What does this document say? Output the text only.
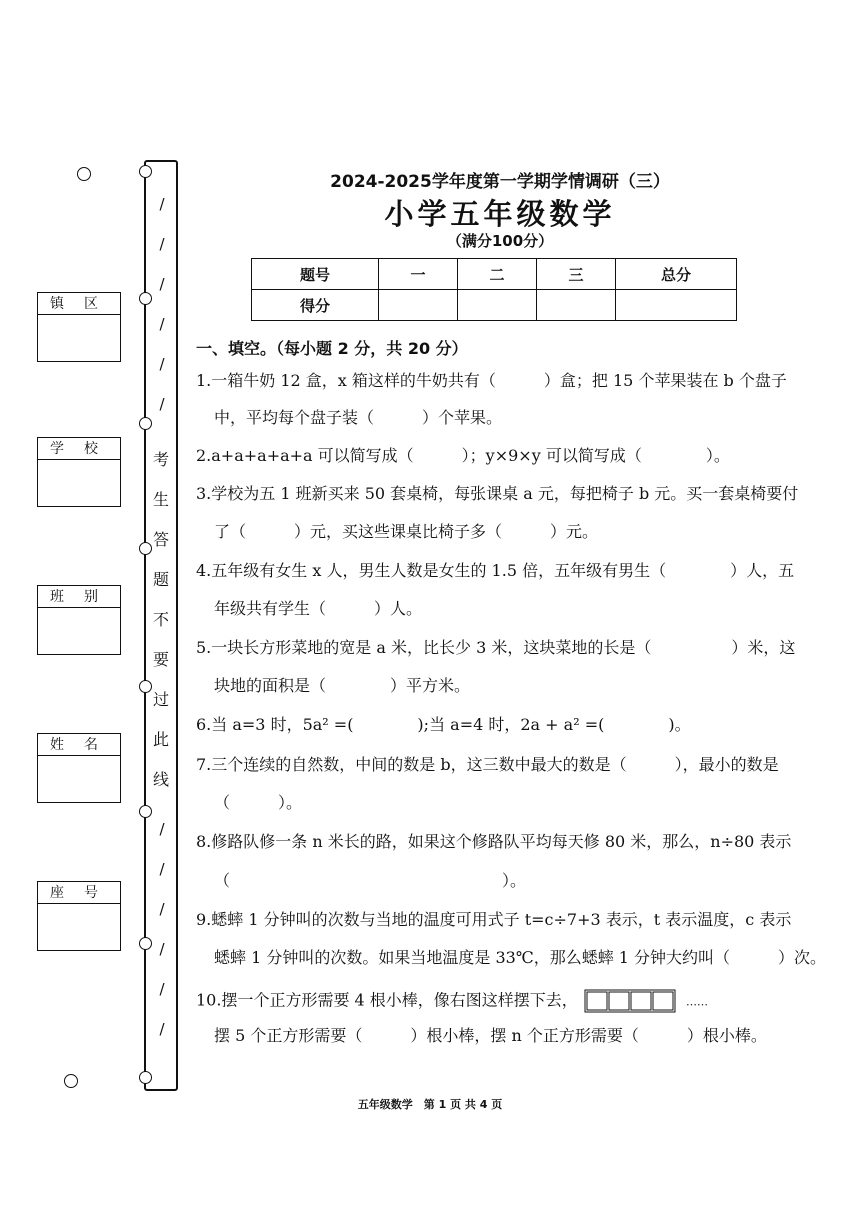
/
/
/
/
/
/
考
生
答
题
不
要
过
此
线
/
/
/
/
/
/
镇区
学校
班别
姓名
座号
2024-2025学年度第一学期学情调研（三）
小学五年级数学
（满分100分）
题号	一	二	三	总分
得分				
一、填空。（每小题 2 分，共 20 分）
1.一箱牛奶 12 盒，x 箱这样的牛奶共有（　　　）盒；把 15 个苹果装在 b 个盘子
中，平均每个盘子装（　　　）个苹果。
2.a+a+a+a+a 可以简写成（　　　）；y×9×y 可以简写成（　　　　）。
3.学校为五 1 班新买来 50 套桌椅，每张课桌 a 元，每把椅子 b 元。买一套桌椅要付
了（　　　）元，买这些课桌比椅子多（　　　）元。
4.五年级有女生 x 人，男生人数是女生的 1.5 倍，五年级有男生（　　　　）人，五
年级共有学生（　　　）人。
5.一块长方形菜地的宽是 a 米，比长少 3 米，这块菜地的长是（　　　　　）米，这
块地的面积是（　　　　）平方米。
6.当 a=3 时，5a² =(　　　　);当 a=4 时，2a + a² =(　　　　)。
7.三个连续的自然数，中间的数是 b，这三数中最大的数是（　　　），最小的数是
（　　　）。
8.修路队修一条 n 米长的路，如果这个修路队平均每天修 80 米，那么，n÷80 表示
（　　　　　　　　　　　　　　　　　）。
9.蟋蟀 1 分钟叫的次数与当地的温度可用式子 t=c÷7+3 表示，t 表示温度，c 表示
蟋蟀 1 分钟叫的次数。如果当地温度是 33℃，那么蟋蟀 1 分钟大约叫（　　　）次。
10.摆一个正方形需要 4 根小棒，像右图这样摆下去，	……
摆 5 个正方形需要（　　　）根小棒，摆 n 个正方形需要（　　　）根小棒。
五年级数学　第 1 页 共 4 页
